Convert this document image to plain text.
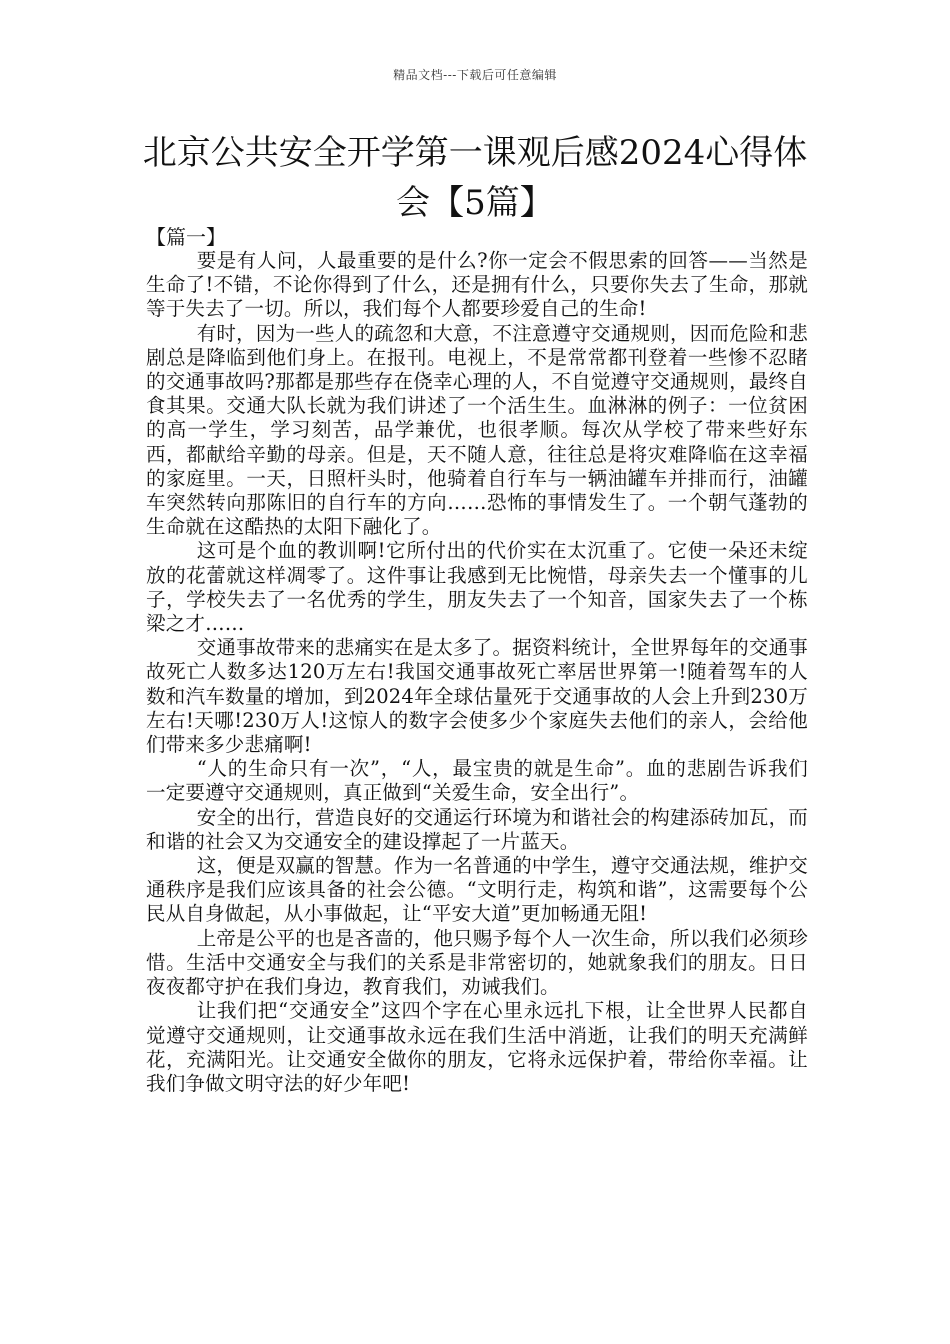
精品文档---下载后可任意编辑
北京公共安全开学第一课观后感2024心得体会【5篇】
【篇一】

要是有人问，人最重要的是什么?你一定会不假思索的回答——当然是生命了!不错，不论你得到了什么，还是拥有什么，只要你失去了生命，那就等于失去了一切。所以，我们每个人都要珍爱自己的生命!

有时，因为一些人的疏忽和大意，不注意遵守交通规则，因而危险和悲剧总是降临到他们身上。在报刊。电视上，不是常常都刊登着一些惨不忍睹的交通事故吗?那都是那些存在侥幸心理的人，不自觉遵守交通规则，最终自食其果。交通大队长就为我们讲述了一个活生生。血淋淋的例子：一位贫困的高一学生，学习刻苦，品学兼优，也很孝顺。每次从学校了带来些好东西，都献给辛勤的母亲。但是，天不随人意，往往总是将灾难降临在这幸福的家庭里。一天，日照杆头时，他骑着自行车与一辆油罐车并排而行，油罐车突然转向那陈旧的自行车的方向……恐怖的事情发生了。一个朝气蓬勃的生命就在这酷热的太阳下融化了。

这可是个血的教训啊!它所付出的代价实在太沉重了。它使一朵还未绽放的花蕾就这样凋零了。这件事让我感到无比惋惜，母亲失去一个懂事的儿子，学校失去了一名优秀的学生，朋友失去了一个知音，国家失去了一个栋梁之才……

交通事故带来的悲痛实在是太多了。据资料统计，全世界每年的交通事故死亡人数多达120万左右!我国交通事故死亡率居世界第一!随着驾车的人数和汽车数量的增加，到2024年全球估量死于交通事故的人会上升到230万左右!天哪!230万人!这惊人的数字会使多少个家庭失去他们的亲人，会给他们带来多少悲痛啊!

“人的生命只有一次”，“人，最宝贵的就是生命”。血的悲剧告诉我们一定要遵守交通规则，真正做到“关爱生命，安全出行”。

安全的出行，营造良好的交通运行环境为和谐社会的构建添砖加瓦，而和谐的社会又为交通安全的建设撑起了一片蓝天。

这，便是双赢的智慧。作为一名普通的中学生，遵守交通法规，维护交通秩序是我们应该具备的社会公德。“文明行走，构筑和谐”，这需要每个公民从自身做起，从小事做起，让“平安大道”更加畅通无阻!

上帝是公平的也是吝啬的，他只赐予每个人一次生命，所以我们必须珍惜。生活中交通安全与我们的关系是非常密切的，她就象我们的朋友。日日夜夜都守护在我们身边，教育我们，劝诫我们。

让我们把“交通安全”这四个字在心里永远扎下根，让全世界人民都自觉遵守交通规则，让交通事故永远在我们生活中消逝，让我们的明天充满鲜花，充满阳光。让交通安全做你的朋友，它将永远保护着，带给你幸福。让我们争做文明守法的好少年吧!
